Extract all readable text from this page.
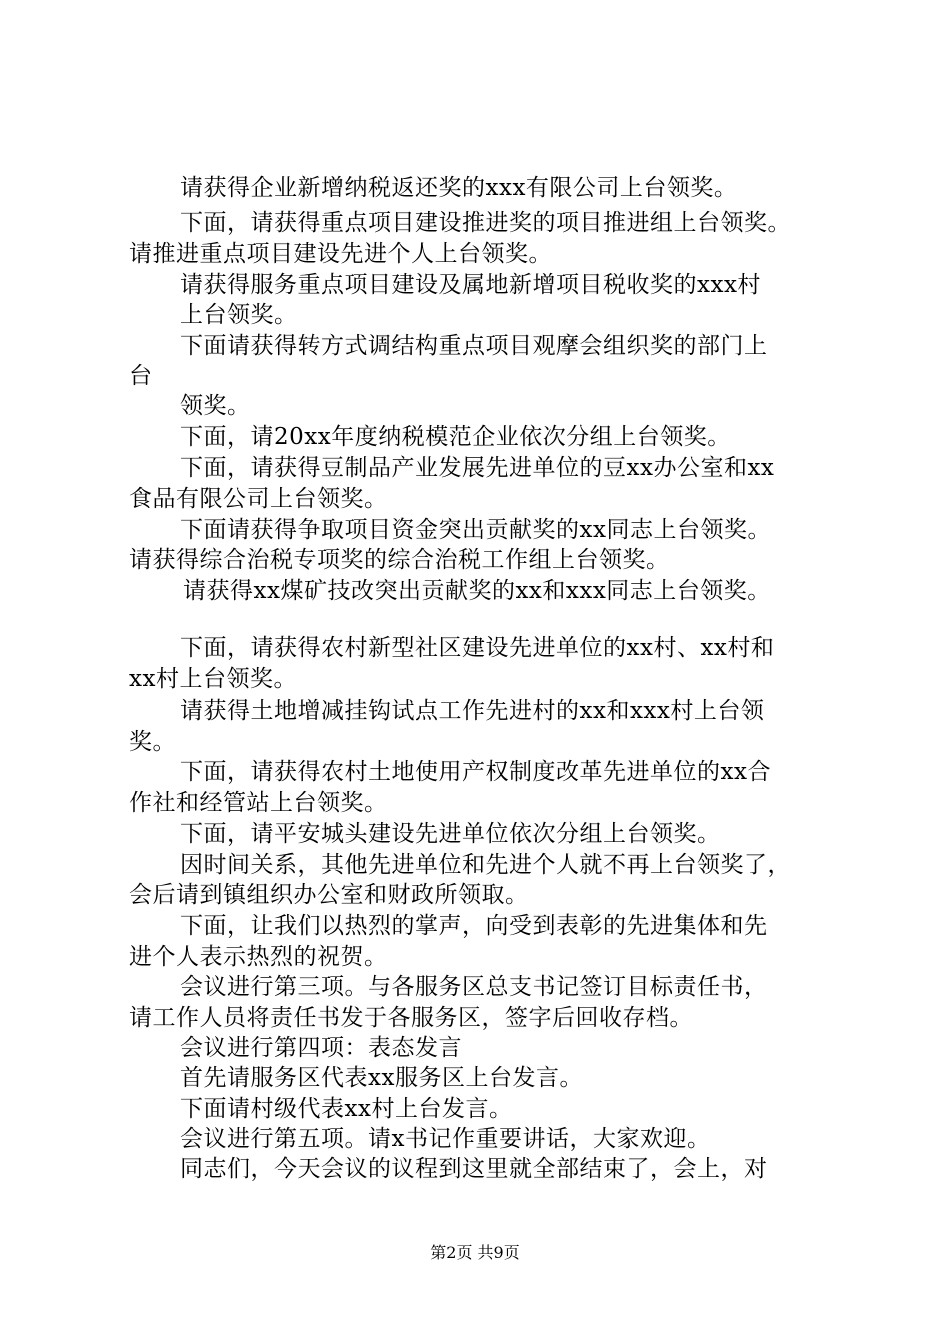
请获得企业新增纳税返还奖的xxx有限公司上台领奖。
下面，请获得重点项目建设推进奖的项目推进组上台领奖。
请推进重点项目建设先进个人上台领奖。
请获得服务重点项目建设及属地新增项目税收奖的xxx村
上台领奖。
下面请获得转方式调结构重点项目观摩会组织奖的部门上
台
领奖。
下面，请20xx年度纳税模范企业依次分组上台领奖。
下面，请获得豆制品产业发展先进单位的豆xx办公室和xx
食品有限公司上台领奖。
下面请获得争取项目资金突出贡献奖的xx同志上台领奖。
请获得综合治税专项奖的综合治税工作组上台领奖。
请获得xx煤矿技改突出贡献奖的xx和xxx同志上台领奖。
下面，请获得农村新型社区建设先进单位的xx村、xx村和
xx村上台领奖。
请获得土地增减挂钩试点工作先进村的xx和xxx村上台领
奖。
下面，请获得农村土地使用产权制度改革先进单位的xx合
作社和经管站上台领奖。
下面，请平安城头建设先进单位依次分组上台领奖。
因时间关系，其他先进单位和先进个人就不再上台领奖了，
会后请到镇组织办公室和财政所领取。
下面，让我们以热烈的掌声，向受到表彰的先进集体和先
进个人表示热烈的祝贺。
会议进行第三项。与各服务区总支书记签订目标责任书，
请工作人员将责任书发于各服务区，签字后回收存档。
会议进行第四项：表态发言
首先请服务区代表xx服务区上台发言。
下面请村级代表xx村上台发言。
会议进行第五项。请x书记作重要讲话，大家欢迎。
同志们，今天会议的议程到这里就全部结束了，会上，对
第2页 共9页
